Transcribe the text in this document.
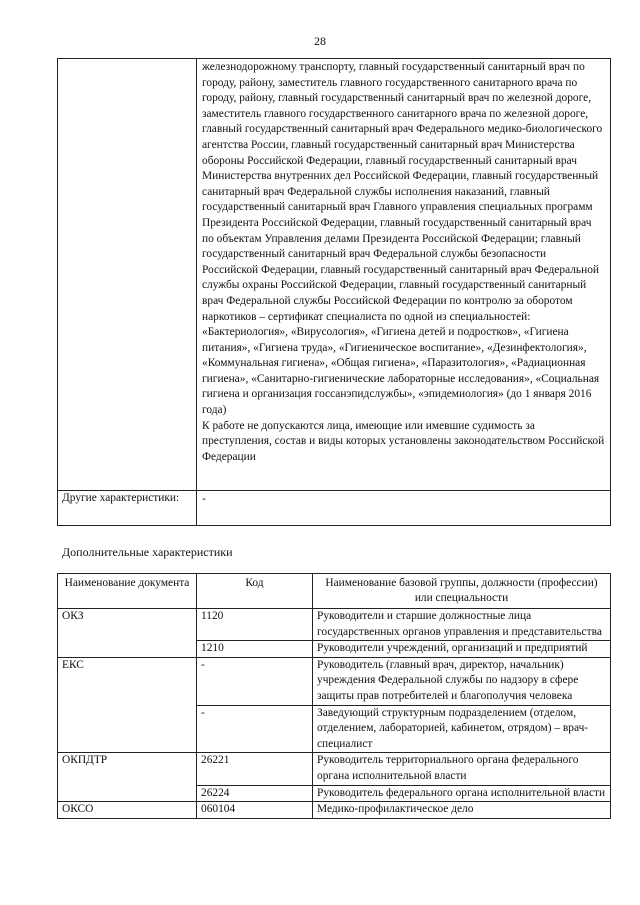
28

	железнодорожному транспорту, главный государственный санитарный врач по городу, району, заместитель главного государственного санитарного врача по городу, району, главный государственный санитарный врач по железной дороге, заместитель главного государственного санитарного врача по железной дороге, главный государственный санитарный врач Федерального медико-биологического агентства России, главный государственный санитарный врач Министерства обороны Российской Федерации, главный государственный санитарный врач Министерства внутренних дел Российской Федерации, главный государственный санитарный врач Федеральной службы исполнения наказаний, главный государственный санитарный врач Главного управления специальных программ Президента Российской Федерации, главный государственный санитарный врач по объектам Управления делами Президента Российской Федерации; главный государственный санитарный врач Федеральной службы безопасности Российской Федерации, главный государственный санитарный врач Федеральной службы охраны Российской Федерации, главный государственный санитарный врач Федеральной службы Российской Федерации по контролю за оборотом наркотиков – сертификат специалиста по одной из специальностей: «Бактериология», «Вирусология», «Гигиена детей и подростков», «Гигиена питания», «Гигиена труда», «Гигиеническое воспитание», «Дезинфектология», «Коммунальная гигиена», «Общая гигиена», «Паразитология», «Радиационная гигиена», «Санитарно-гигиенические лабораторные исследования», «Социальная гигиена и организация госсанэпидслужбы», «эпидемиология» (до 1 января 2016 года)
К работе не допускаются лица, имеющие или имевшие судимость за преступления, состав и виды которых установлены законодательством Российской Федерации

Другие характеристики:	-
Дополнительные характеристики
Наименование документа	Код	Наименование базовой группы, должности (профессии) или специальности
ОКЗ	1120	Руководители и старшие должностные лица государственных органов управления и представительства
	1210	Руководители учреждений, организаций и предприятий
ЕКС	-	Руководитель (главный врач, директор, начальник) учреждения Федеральной службы по надзору в сфере защиты прав потребителей и благополучия человека
	-	Заведующий структурным подразделением (отделом, отделением, лабораторией, кабинетом, отрядом) – врач-специалист
ОКПДТР	26221	Руководитель территориального органа федерального органа исполнительной власти
	26224	Руководитель федерального органа исполнительной власти
ОКСО	060104	Медико-профилактическое дело
